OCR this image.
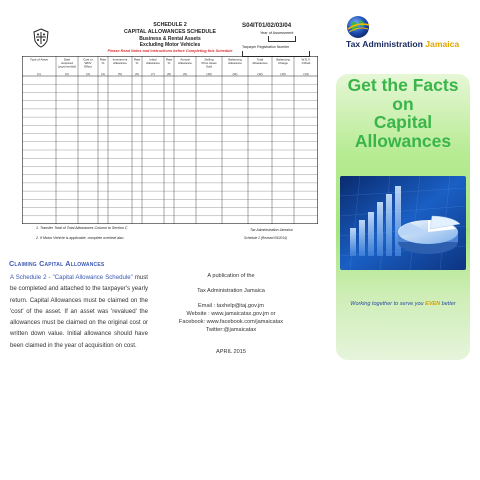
SCHEDULE 2
CAPITAL ALLOWANCES SCHEDULE
Business & Rental Assets
Excluding Motor Vehicles
Please Read Notes and Instructions before Completing this Schedule
S04IT01/02/03/04
Year of Assessment
Taxpayer Registration Number
Type of Asset
(1)
Date
Acquired
(yyyy/mm/dd)
(2)
Cost or
WDV
Effect
(3)
Rate
%
(4)
Investment
Allowance
(5)
Rate
%
(6)
Initial
Allowance
(7)
Rate
%
(8)
Annual
Allowance
(9)
Selling
Price Asset
Sold
(10)
Balancing
Allowance
(11)
Total
Allowances
(12)
Balancing
Charge
(13)
W.D.V.
C/Fwd
(14)
1. Transfer Total of Total Allowances Column to Section C
2. If Motor Vehicle is applicable, complete overleaf also
Tax Administration Jamaica
Schedule 2 (Revised 09/2014)
Claiming Capital Allowances

A Schedule 2 - "Capital Allowance Schedule" must be completed and attached to the taxpayer's yearly return. Capital Allowances must be claimed on the 'cost' of the asset. If an asset was 'revalued' the allowances must be claimed on the original cost or written down value. Initial allowance should have been claimed in the year of acquisition on cost.

A publication of the
Tax Administration Jamaica
Email : taxhelp@taj.gov.jm
Website : www.jamaicatax.gov.jm or
Facebook: www.facebook.com/jamaicatax
Twitter:@jamaicatax
APRIL 2015
Tax Administration Jamaica
Get the Facts
on
Capital
Allowances
Working together to serve you EVEN better
